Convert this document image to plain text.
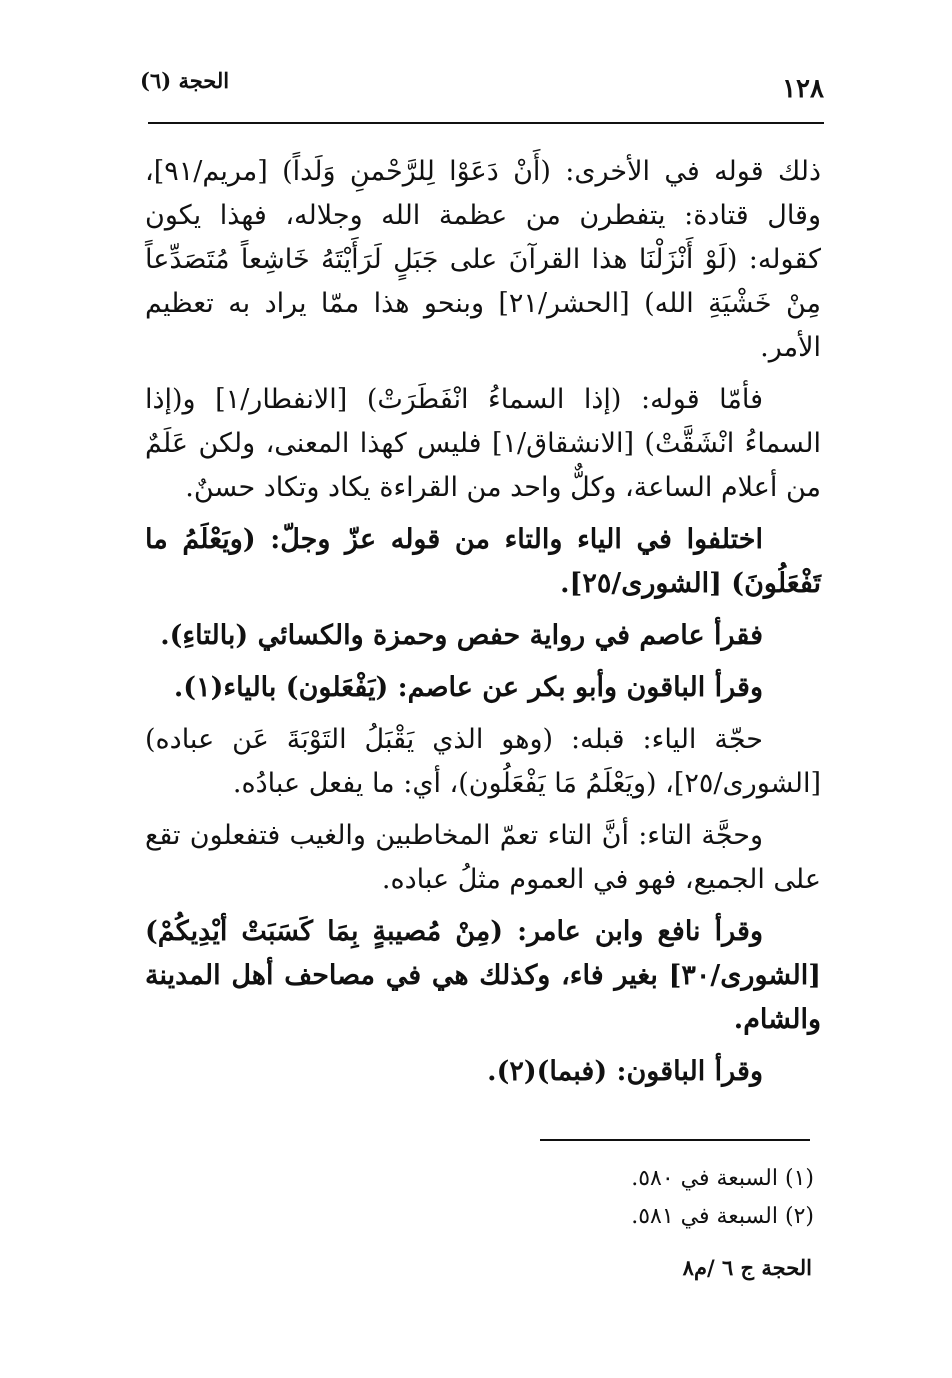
١٢٨
الحجة (٦)

ذلك قوله في الأخرى: (أَنْ دَعَوْا لِلرَّحْمنِ وَلَداً) [مريم/٩١]، وقال قتادة: يتفطرن من عظمة الله وجلاله، فهذا يكون كقوله: (لَوْ أَنْزَلْنَا هذا القرآنَ على جَبَلٍ لَرَأَيْتَهُ خَاشِعاً مُتَصَدِّعاً مِنْ خَشْيَةِ الله) [الحشر/٢١] وبنحو هذا ممّا يراد به تعظيم الأمر.

فأمّا قوله: (إذا السماءُ انْفَطَرَتْ) [الانفطار/١] و(إذا السماءُ انْشَقَّتْ) [الانشقاق/١] فليس كهذا المعنى، ولكن عَلَمٌ من أعلام الساعة، وكلٌّ واحد من القراءة يكاد وتكاد حسنٌ.

اختلفوا في الياء والتاء من قوله عزّ وجلّ: (ويَعْلَمُ ما تَفْعَلُونَ) [الشورى/٢٥].

فقرأ عاصم في رواية حفص وحمزة والكسائي (بالتاءِ).

وقرأ الباقون وأبو بكر عن عاصم: (يَفْعَلون) بالياء(١).

حجّة الياء: قبله: (وهو الذي يَقْبَلُ التَوْبَةَ عَن عباده) [الشورى/٢٥]، (ويَعْلَمُ مَا يَفْعَلُون)، أي: ما يفعل عبادُه.

وحجَّة التاء: أنَّ التاء تعمّ المخاطبين والغيب فتفعلون تقع على الجميع، فهو في العموم مثلُ عباده.

وقرأ نافع وابن عامر: (مِنْ مُصيبةٍ بِمَا كَسَبَتْ أيْدِيكُمْ) [الشورى/٣٠] بغير فاء، وكذلك هي في مصاحف أهل المدينة والشام.

وقرأ الباقون: (فبما)(٢).

(١) السبعة في ٥٨٠.

(٢) السبعة في ٥٨١.

الحجة ج ٦ /م٨
